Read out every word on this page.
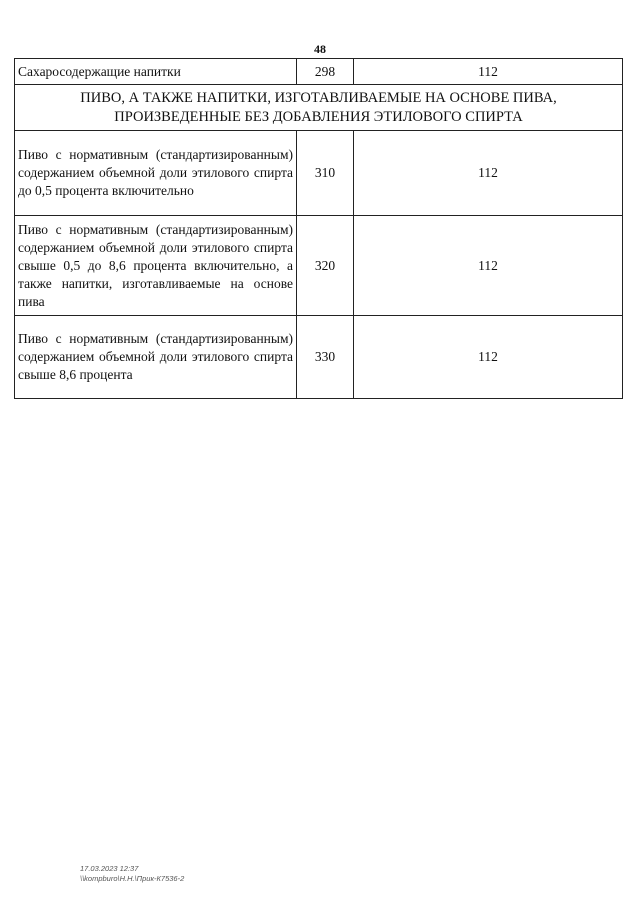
48
Сахаросодержащие напитки	298	112
ПИВО, А ТАКЖЕ НАПИТКИ, ИЗГОТАВЛИВАЕМЫЕ НА ОСНОВЕ ПИВА, ПРОИЗВЕДЕННЫЕ БЕЗ ДОБАВЛЕНИЯ ЭТИЛОВОГО СПИРТА		
Пиво с нормативным (стандартизированным) содержанием объемной доли этилового спирта до 0,5 процента включительно	310	112
Пиво с нормативным (стандартизированным) содержанием объемной доли этилового спирта свыше 0,5 до 8,6 процента включительно, а также напитки, изготавливаемые на основе пива	320	112
Пиво с нормативным (стандартизированным) содержанием объемной доли этилового спирта свыше 8,6 процента	330	112
17.03.2023 12:37
\\kompburo\Н.Н.\Прик-К7536-2
